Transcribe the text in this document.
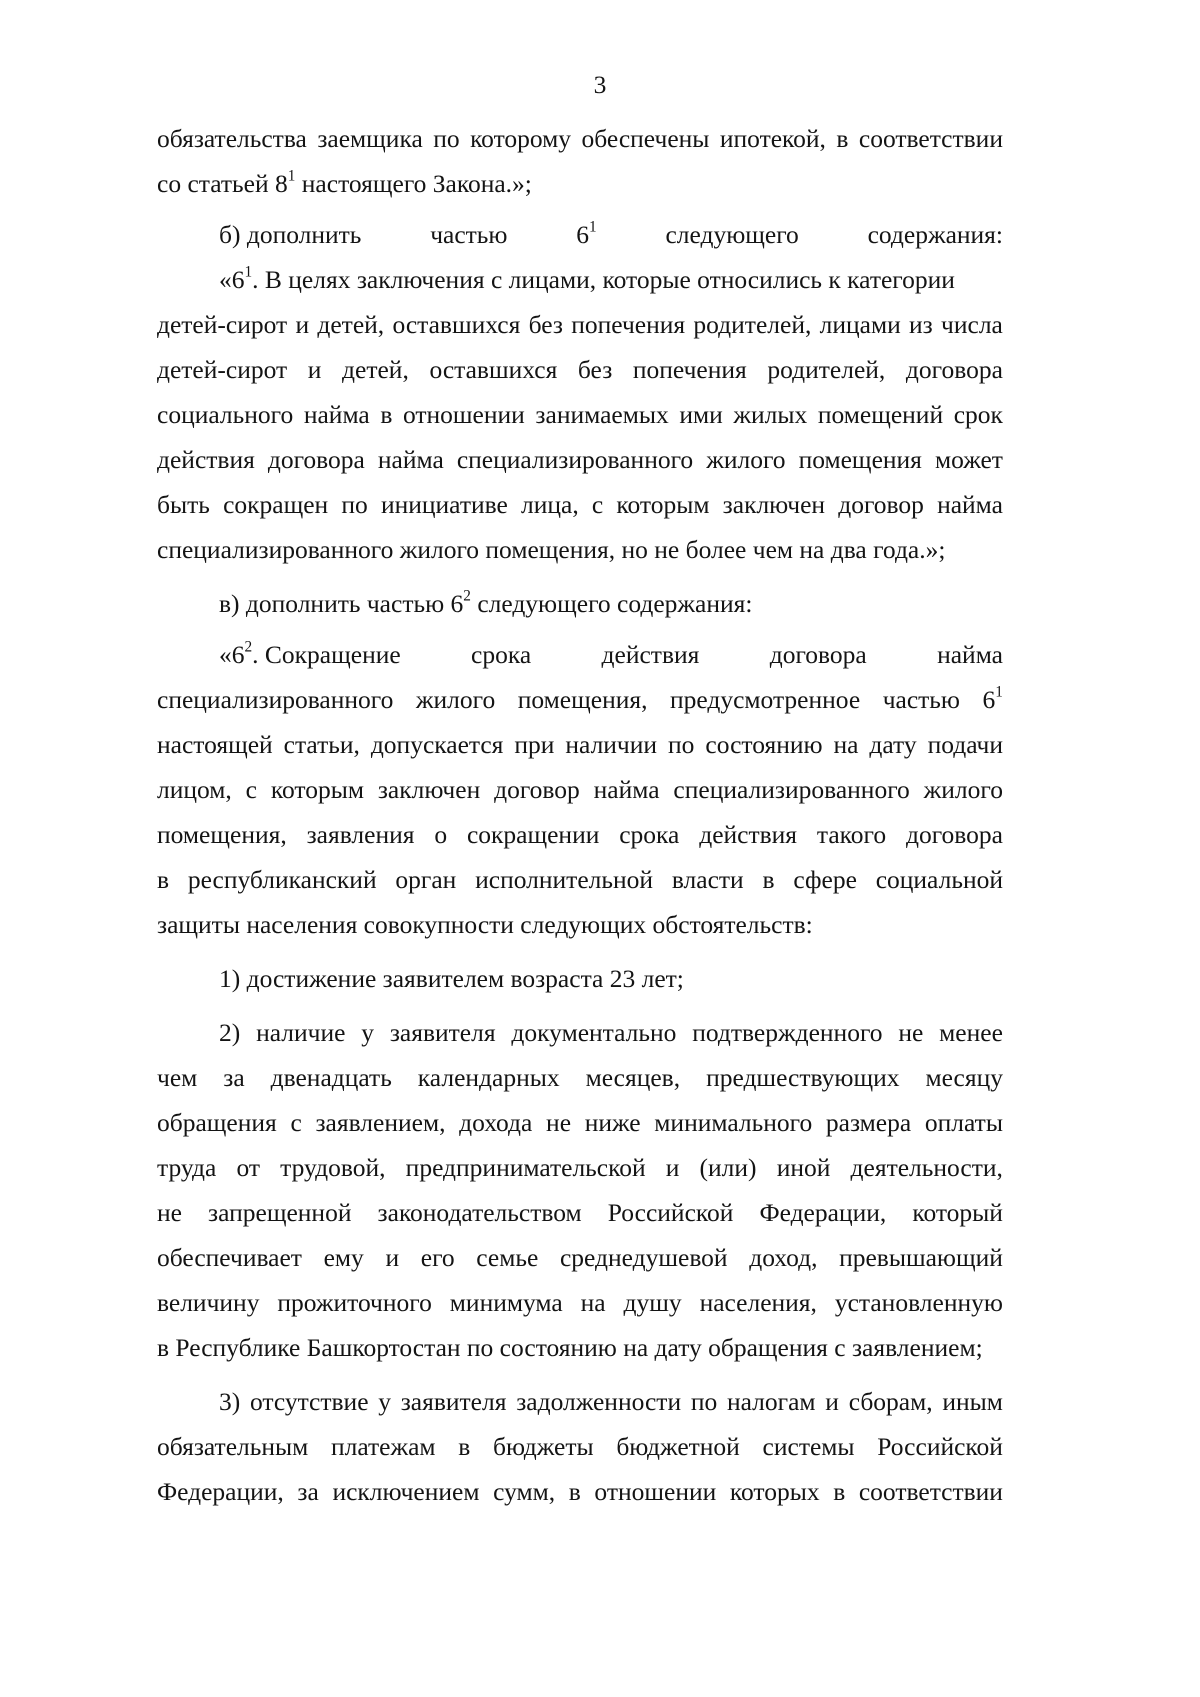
3
обязательства заемщика по которому обеспечены ипотекой, в соответствии
со статьей $8^1$ настоящего Закона.»;
б) дополнить	частью	$6^1$	следующего	содержания:
«$6^1$. В целях заключения с лицами, которые относились к категории
детей-сирот и детей, оставшихся без попечения родителей, лицами из числа
детей-сирот и детей, оставшихся без попечения родителей, договора
социального найма в отношении занимаемых ими жилых помещений срок
действия договора найма специализированного жилого помещения может
быть сокращен по инициативе лица, с которым заключен договор найма
специализированного жилого помещения, но не более чем на два года.»;
в) дополнить частью $6^2$ следующего содержания:
«$6^2$. Сокращение	срока	действия	договора	найма
специализированного жилого помещения, предусмотренное частью $6^1$
настоящей статьи, допускается при наличии по состоянию на дату подачи
лицом, с которым заключен договор найма специализированного жилого
помещения, заявления о сокращении срока действия такого договора
в республиканский орган исполнительной власти в сфере социальной
защиты населения совокупности следующих обстоятельств:
1) достижение заявителем возраста 23 лет;
2) наличие у заявителя документально подтвержденного не менее
чем за двенадцать календарных месяцев, предшествующих месяцу
обращения с заявлением, дохода не ниже минимального размера оплаты
труда от трудовой, предпринимательской и (или) иной деятельности,
не запрещенной законодательством Российской Федерации, который
обеспечивает ему и его семье среднедушевой доход, превышающий
величину прожиточного минимума на душу населения, установленную
в Республике Башкортостан по состоянию на дату обращения с заявлением;
3) отсутствие у заявителя задолженности по налогам и сборам, иным
обязательным платежам в бюджеты бюджетной системы Российской
Федерации, за исключением сумм, в отношении которых в соответствии
